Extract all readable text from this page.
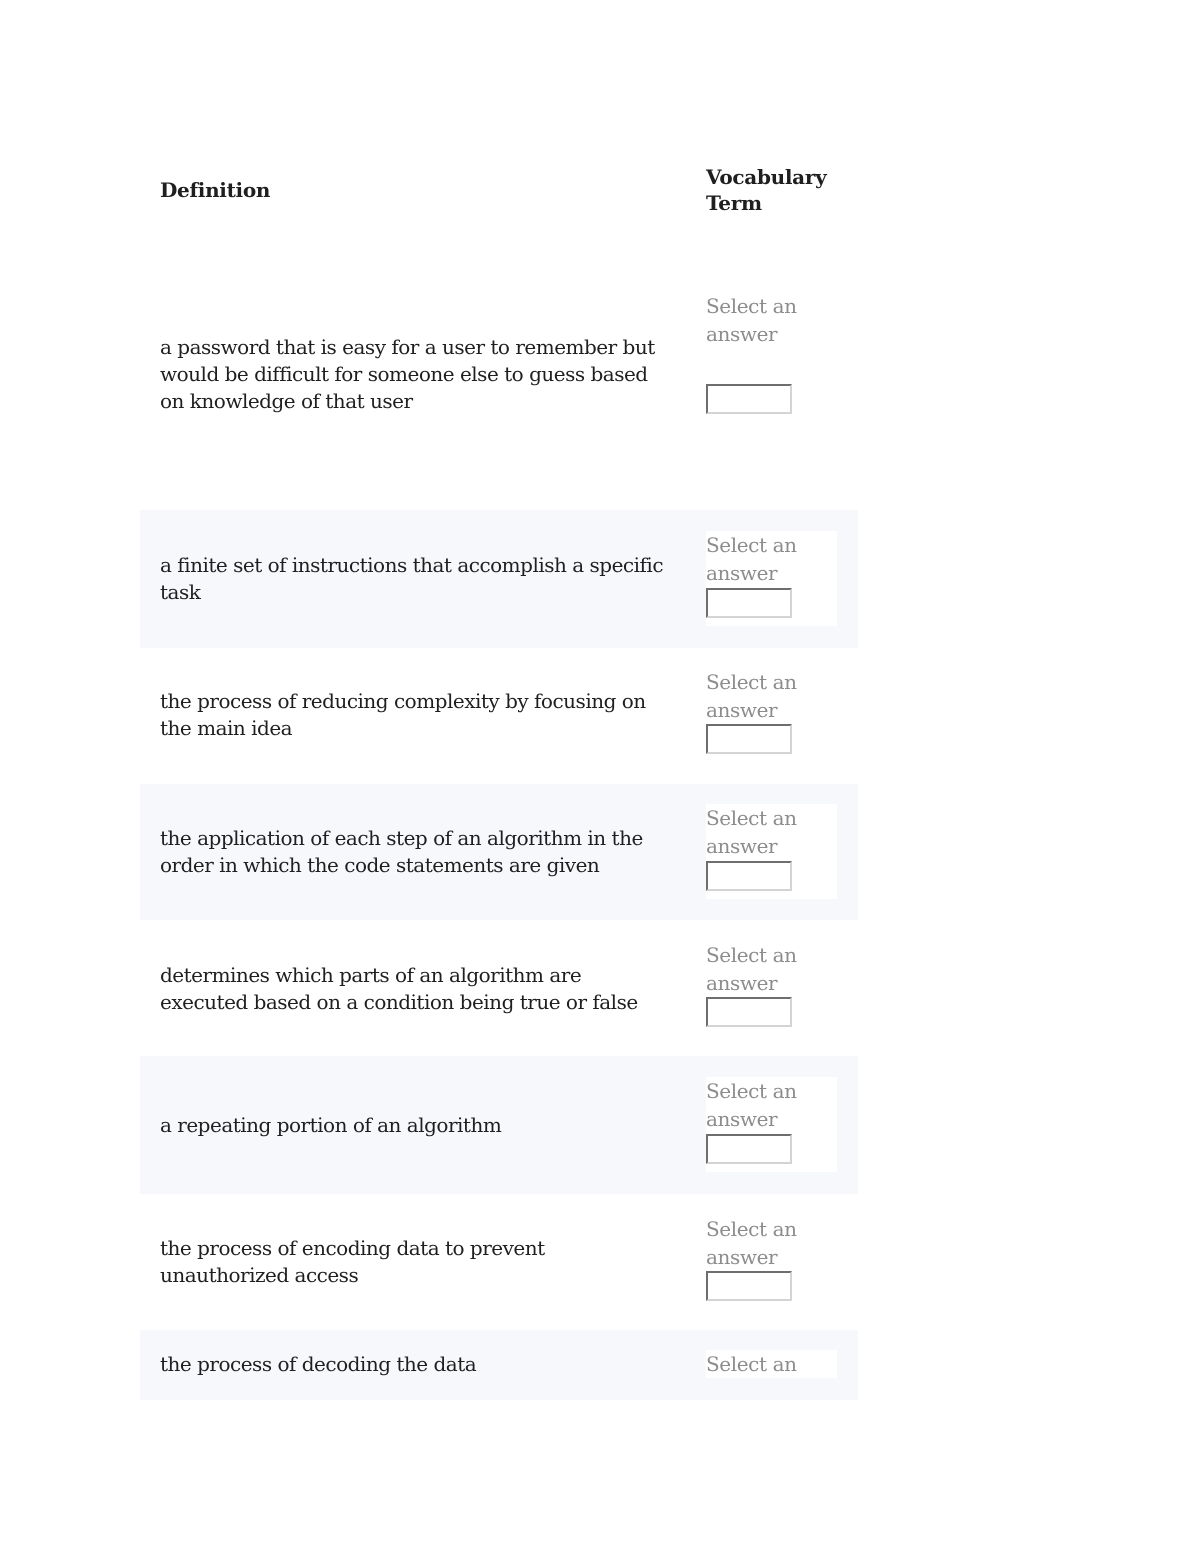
Definition
Vocabulary Term
a password that is easy for a user to remember but would be difficult for someone else to guess based on knowledge of that user
Select an answer
a finite set of instructions that accomplish a specific task
Select an answer
the process of reducing complexity by focusing on the main idea
Select an answer
the application of each step of an algorithm in the order in which the code statements are given
Select an answer
determines which parts of an algorithm are executed based on a condition being true or false
Select an answer
a repeating portion of an algorithm
Select an answer
the process of encoding data to prevent unauthorized access
Select an answer
the process of decoding the data	Select an
